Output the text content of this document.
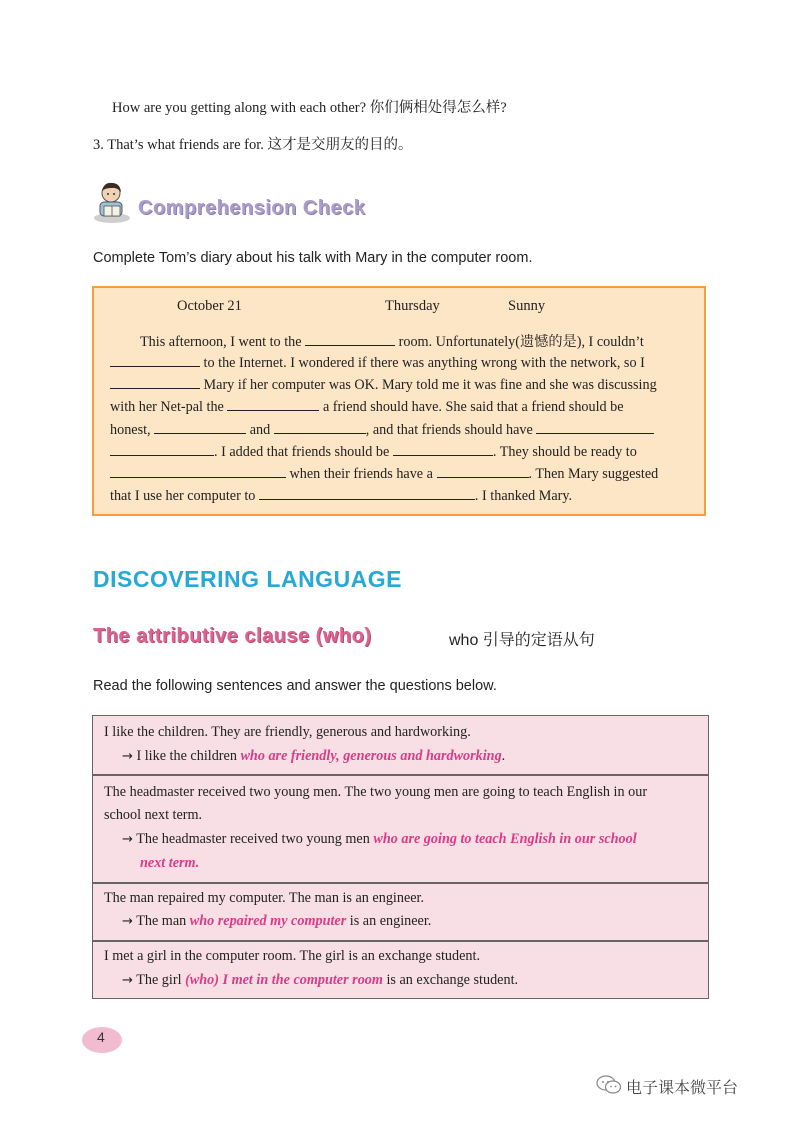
How are you getting along with each other? 你们俩相处得怎么样?
3. That’s what friends are for. 这才是交朋友的目的。
Comprehension Check
Complete Tom’s diary about his talk with Mary in the computer room.
October 21	Thursday	Sunny
This afternoon, I went to the	room. Unfortunately(遗憾的是), I couldn’t
to the Internet. I wondered if there was anything wrong with the network, so I
Mary if her computer was OK. Mary told me it was fine and she was discussing
with her Net-pal the	a friend should have. She said that a friend should be
honest,	and	, and that friends should have
. I added that friends should be	. They should be ready to
when their friends have a	. Then Mary suggested
that I use her computer to	. I thanked Mary.
DISCOVERING LANGUAGE
The attributive clause (who)	who 引导的定语从句
Read the following sentences and answer the questions below.
I like the children. They are friendly, generous and hardworking.
→ I like the children who are friendly, generous and hardworking.
The headmaster received two young men. The two young men are going to teach English in our
school next term.
→ The headmaster received two young men who are going to teach English in our school
next term.
The man repaired my computer. The man is an engineer.
→ The man who repaired my computer is an engineer.
I met a girl in the computer room. The girl is an exchange student.
→ The girl (who) I met in the computer room is an exchange student.
4
电子课本微平台
